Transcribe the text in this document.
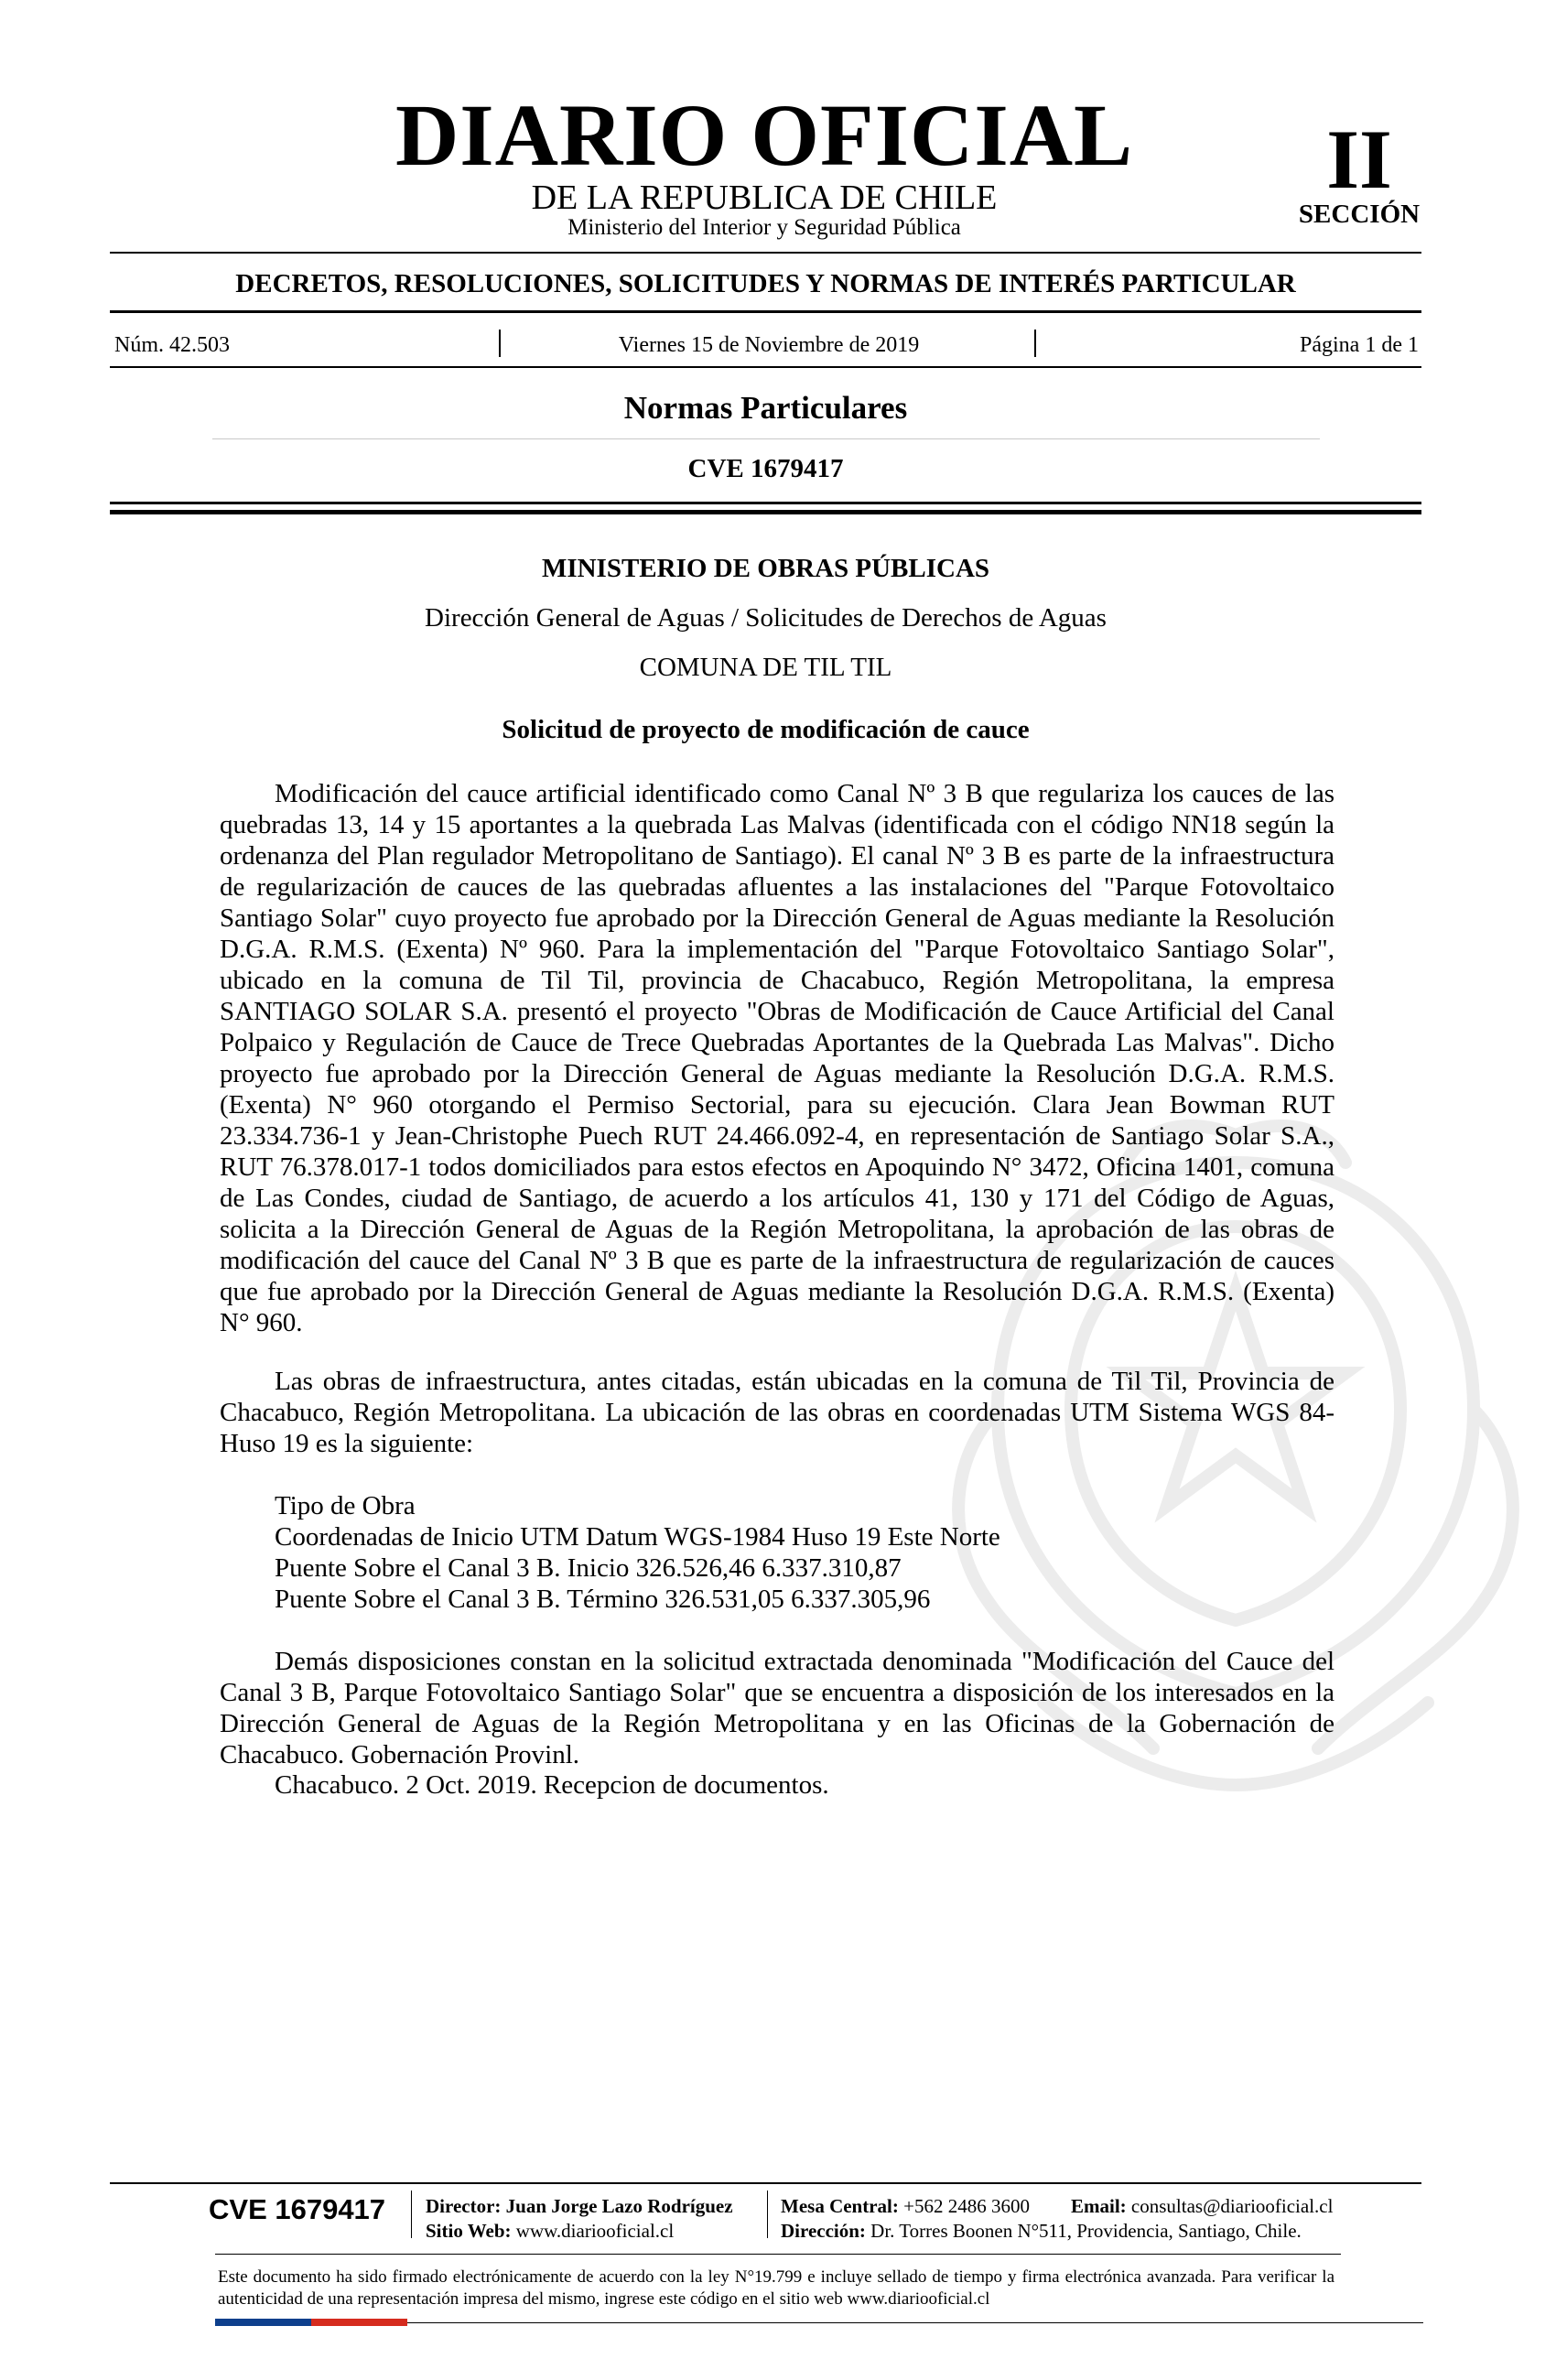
DIARIO OFICIAL
DE LA REPUBLICA DE CHILE
Ministerio del Interior y Seguridad Pública
II
SECCIÓN
DECRETOS, RESOLUCIONES, SOLICITUDES Y NORMAS DE INTERÉS PARTICULAR
Núm. 42.503	Viernes 15 de Noviembre de 2019	Página 1 de 1
Normas Particulares
CVE 1679417
MINISTERIO DE OBRAS PÚBLICAS
Dirección General de Aguas / Solicitudes de Derechos de Aguas
COMUNA DE TIL TIL
Solicitud de proyecto de modificación de cauce

Modificación del cauce artificial identificado como Canal Nº 3 B que regulariza los cauces de las quebradas 13, 14 y 15 aportantes a la quebrada Las Malvas (identificada con el código NN18 según la ordenanza del Plan regulador Metropolitano de Santiago). El canal Nº 3 B es parte de la infraestructura de regularización de cauces de las quebradas afluentes a las instalaciones del "Parque Fotovoltaico Santiago Solar" cuyo proyecto fue aprobado por la Dirección General de Aguas mediante la Resolución D.G.A. R.M.S. (Exenta) Nº 960. Para la implementación del "Parque Fotovoltaico Santiago Solar", ubicado en la comuna de Til Til, provincia de Chacabuco, Región Metropolitana, la empresa SANTIAGO SOLAR S.A. presentó el proyecto "Obras de Modificación de Cauce Artificial del Canal Polpaico y Regulación de Cauce de Trece Quebradas Aportantes de la Quebrada Las Malvas". Dicho proyecto fue aprobado por la Dirección General de Aguas mediante la Resolución D.G.A. R.M.S. (Exenta) N° 960 otorgando el Permiso Sectorial, para su ejecución. Clara Jean Bowman RUT 23.334.736-1 y Jean-Christophe Puech RUT 24.466.092-4, en representación de Santiago Solar S.A., RUT 76.378.017-1 todos domiciliados para estos efectos en Apoquindo N° 3472, Oficina 1401, comuna de Las Condes, ciudad de Santiago, de acuerdo a los artículos 41, 130 y 171 del Código de Aguas, solicita a la Dirección General de Aguas de la Región Metropolitana, la aprobación de las obras de modificación del cauce del Canal Nº 3 B que es parte de la infraestructura de regularización de cauces que fue aprobado por la Dirección General de Aguas mediante la Resolución D.G.A. R.M.S. (Exenta) N° 960.

Las obras de infraestructura, antes citadas, están ubicadas en la comuna de Til Til, Provincia de Chacabuco, Región Metropolitana. La ubicación de las obras en coordenadas UTM Sistema WGS 84-Huso 19 es la siguiente:

Tipo de Obra
Coordenadas de Inicio UTM Datum WGS-1984 Huso 19 Este Norte
Puente Sobre el Canal 3 B. Inicio 326.526,46 6.337.310,87
Puente Sobre el Canal 3 B. Término 326.531,05 6.337.305,96

Demás disposiciones constan en la solicitud extractada denominada "Modificación del Cauce del Canal 3 B, Parque Fotovoltaico Santiago Solar" que se encuentra a disposición de los interesados en la Dirección General de Aguas de la Región Metropolitana y en las Oficinas de la Gobernación de Chacabuco. Gobernación Provinl.

Chacabuco. 2 Oct. 2019. Recepcion de documentos.

CVE 1679417 Director: Juan Jorge Lazo Rodríguez
Sitio Web: www.diariooficial.cl
Mesa Central: +562 2486 3600 Email: consultas@diariooficial.cl
Dirección: Dr. Torres Boonen N°511, Providencia, Santiago, Chile.
Este documento ha sido firmado electrónicamente de acuerdo con la ley N°19.799 e incluye sellado de tiempo y firma electrónica avanzada. Para verificar la autenticidad de una representación impresa del mismo, ingrese este código en el sitio web www.diariooficial.cl
